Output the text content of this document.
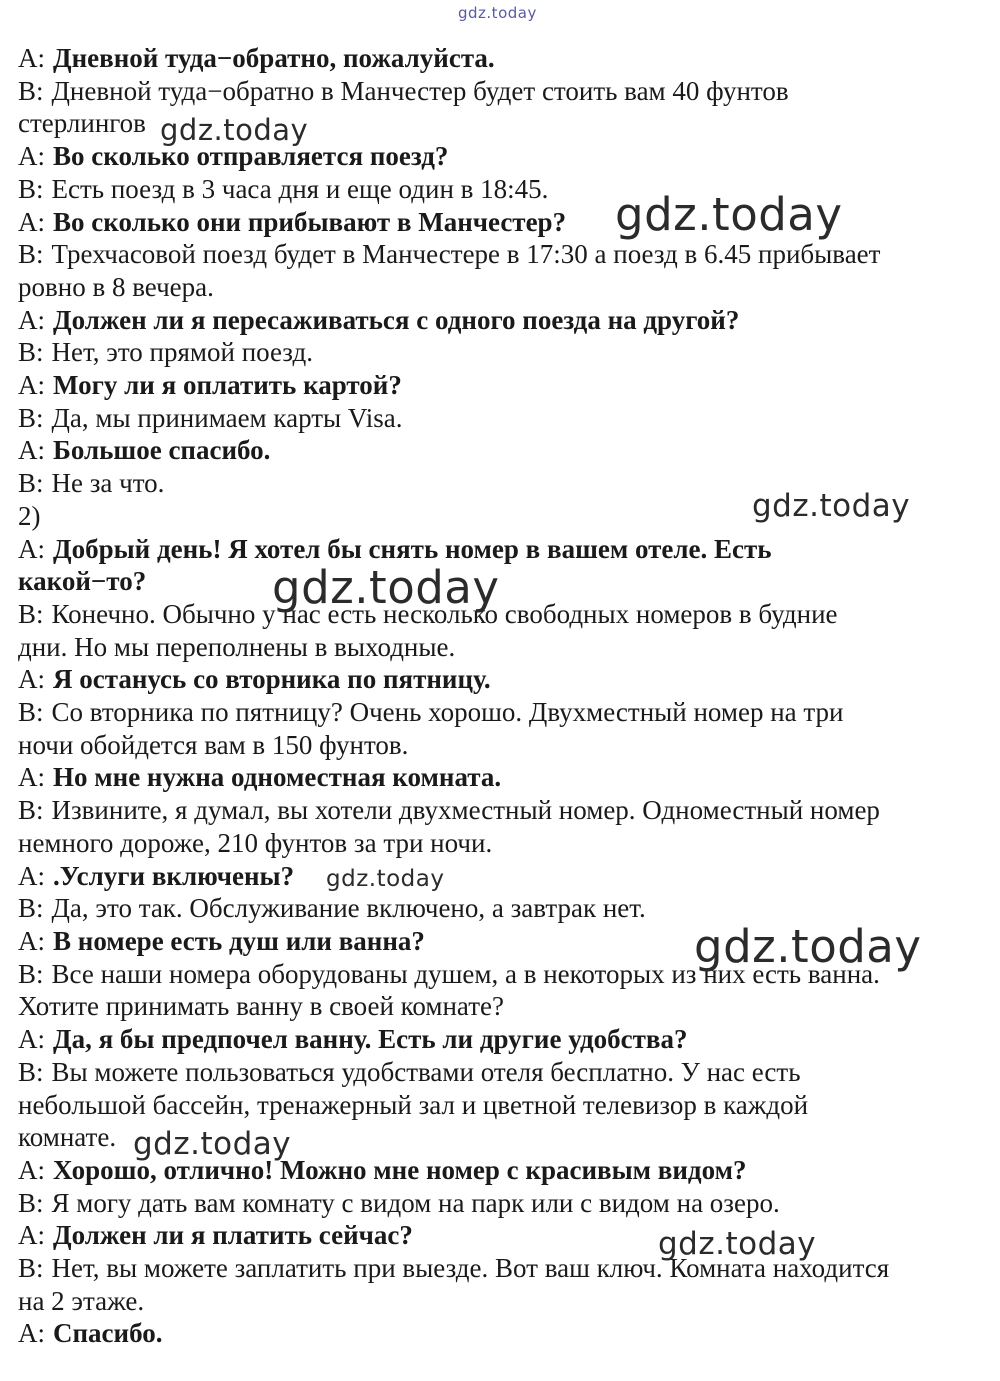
gdz.today
A: Дневной туда−обратно, пожалуйста.
B: Дневной туда−обратно в Манчестер будет стоить вам 40 фунтов
стерлингов
A: Во сколько отправляется поезд?
B: Есть поезд в 3 часа дня и еще один в 18:45.
A: Во сколько они прибывают в Манчестер?
B: Трехчасовой поезд будет в Манчестере в 17:30 а поезд в 6.45 прибывает
ровно в 8 вечера.
A: Должен ли я пересаживаться с одного поезда на другой?
B: Нет, это прямой поезд.
A: Могу ли я оплатить картой?
B: Да, мы принимаем карты Visa.
A: Большое спасибо.
B: Не за что.
2)
A: Добрый день! Я хотел бы снять номер в вашем отеле. Есть
какой−то?
B: Конечно. Обычно у нас есть несколько свободных номеров в будние
дни. Но мы переполнены в выходные.
A: Я останусь со вторника по пятницу.
B: Со вторника по пятницу? Очень хорошо. Двухместный номер на три
ночи обойдется вам в 150 фунтов.
A: Но мне нужна одноместная комната.
B: Извините, я думал, вы хотели двухместный номер. Одноместный номер
немного дороже, 210 фунтов за три ночи.
A: .Услуги включены?
B: Да, это так. Обслуживание включено, а завтрак нет.
A: В номере есть душ или ванна?
B: Все наши номера оборудованы душем, а в некоторых из них есть ванна.
Хотите принимать ванну в своей комнате?
A: Да, я бы предпочел ванну. Есть ли другие удобства?
B: Вы можете пользоваться удобствами отеля бесплатно. У нас есть
небольшой бассейн, тренажерный зал и цветной телевизор в каждой
комнате.
A: Хорошо, отлично! Можно мне номер с красивым видом?
B: Я могу дать вам комнату с видом на парк или с видом на озеро.
A: Должен ли я платить сейчас?
B: Нет, вы можете заплатить при выезде. Вот ваш ключ. Комната находится
на 2 этаже.
A: Спасибо.
gdz.today
gdz.today
gdz.today
gdz.today
gdz.today
gdz.today
gdz.today
gdz.today
